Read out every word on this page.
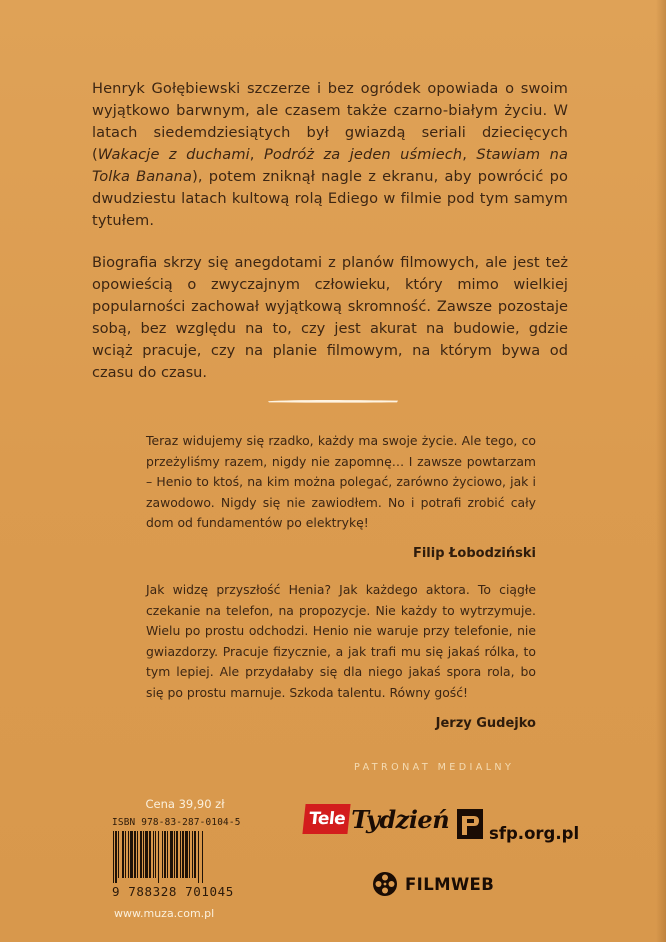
Henryk Gołębiewski szczerze i bez ogródek opowiada o swoim wyjątkowo barwnym, ale czasem także czarno-białym życiu. W latach siedemdziesiątych był gwiazdą seriali dziecięcych (Wakacje z duchami, Podróż za jeden uśmiech, Stawiam na Tolka Banana), potem zniknął nagle z ekranu, aby powrócić po dwudziestu latach kultową rolą Ediego w filmie pod tym samym tytułem.

Biografia skrzy się anegdotami z planów filmowych, ale jest też opowieścią o zwyczajnym człowieku, który mimo wielkiej popularności zachował wyjątkową skromność. Zawsze pozostaje sobą, bez względu na to, czy jest akurat na budowie, gdzie wciąż pracuje, czy na planie filmowym, na którym bywa od czasu do czasu.

Teraz widujemy się rzadko, każdy ma swoje życie. Ale tego, co przeżyliśmy razem, nigdy nie zapomnę… I zawsze powtarzam – Henio to ktoś, na kim można polegać, zarówno życiowo, jak i zawodowo. Nigdy się nie zawiodłem. No i potrafi zrobić cały dom od fundamentów po elektrykę!
Filip Łobodziński
Jak widzę przyszłość Henia? Jak każdego aktora. To ciągłe czekanie na telefon, na propozycje. Nie każdy to wytrzymuje. Wielu po prostu odchodzi. Henio nie waruje przy telefonie, nie gwiazdorzy. Pracuje fizycznie, a jak trafi mu się jakaś rólka, to tym lepiej. Ale przydałaby się dla niego jakaś spora rola, bo się po prostu marnuje. Szkoda talentu. Równy gość!
Jerzy Gudejko
PATRONAT MEDIALNY
Cena 39,90 zł
ISBN 978-83-287-0104-5
9 788328 701045
www.muza.com.pl
Tele Tydzień sfp.org.pl
FILMWEB
